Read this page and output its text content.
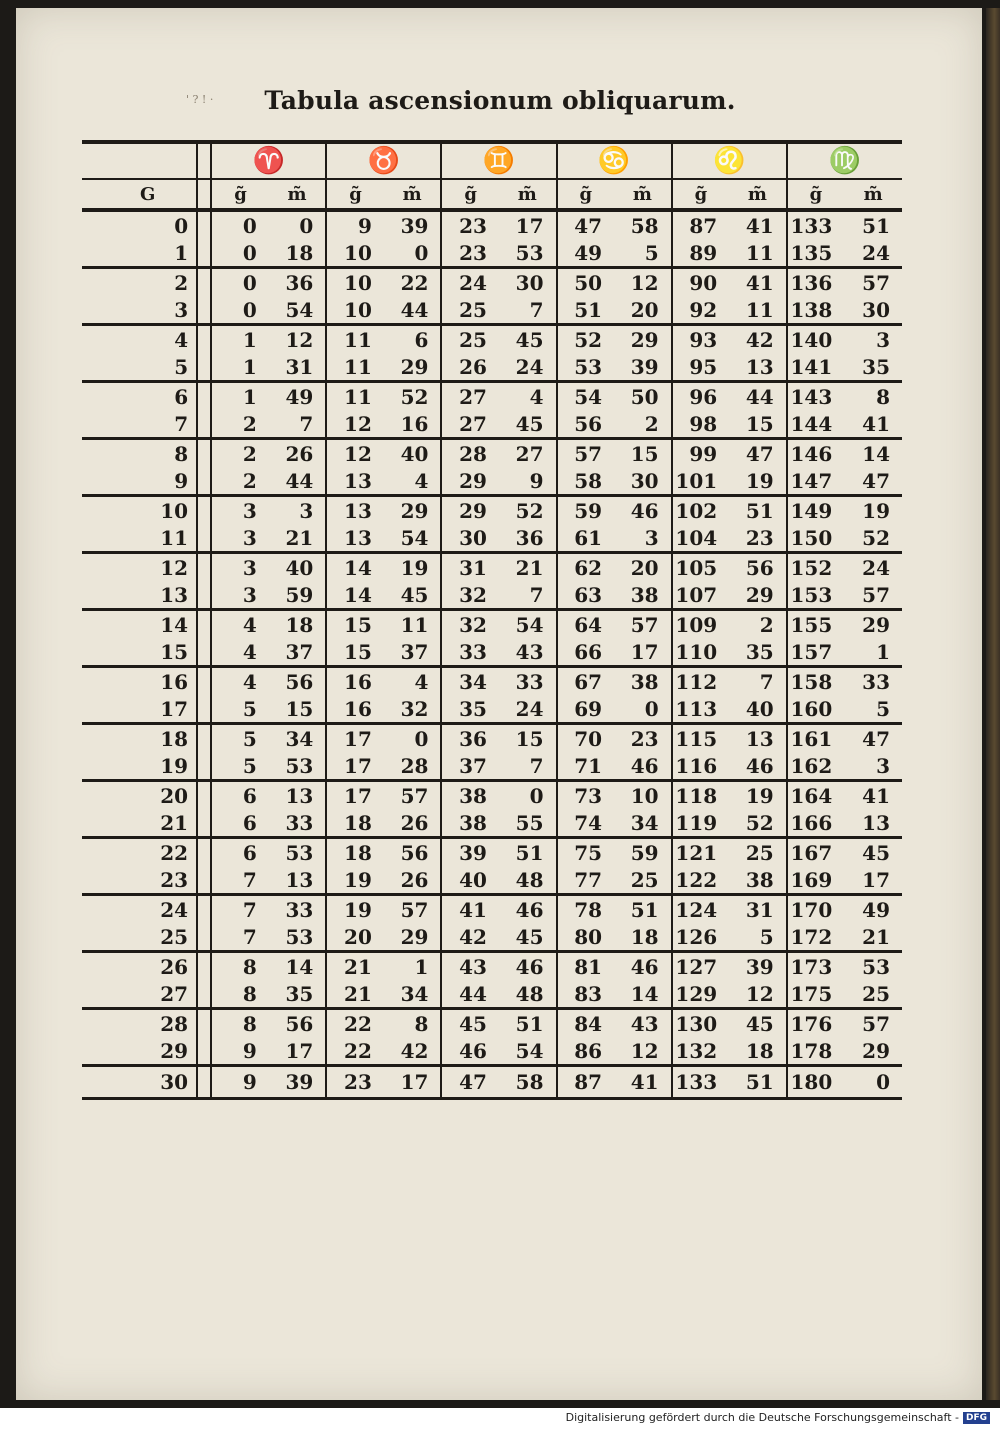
' ? ! ·	Tabula ascensionum obliquarum.
		♈		♉		♊		♋		♌		♍	
G		g̃	m̃	g̃	m̃	g̃	m̃	g̃	m̃	g̃	m̃	g̃	m̃
0		0	0	9	39	23	17	47	58	87	41	133	51
1		0	18	10	0	23	53	49	5	89	11	135	24
2		0	36	10	22	24	30	50	12	90	41	136	57
3		0	54	10	44	25	7	51	20	92	11	138	30
4		1	12	11	6	25	45	52	29	93	42	140	3
5		1	31	11	29	26	24	53	39	95	13	141	35
6		1	49	11	52	27	4	54	50	96	44	143	8
7		2	7	12	16	27	45	56	2	98	15	144	41
8		2	26	12	40	28	27	57	15	99	47	146	14
9		2	44	13	4	29	9	58	30	101	19	147	47
10		3	3	13	29	29	52	59	46	102	51	149	19
11		3	21	13	54	30	36	61	3	104	23	150	52
12		3	40	14	19	31	21	62	20	105	56	152	24
13		3	59	14	45	32	7	63	38	107	29	153	57
14		4	18	15	11	32	54	64	57	109	2	155	29
15		4	37	15	37	33	43	66	17	110	35	157	1
16		4	56	16	4	34	33	67	38	112	7	158	33
17		5	15	16	32	35	24	69	0	113	40	160	5
18		5	34	17	0	36	15	70	23	115	13	161	47
19		5	53	17	28	37	7	71	46	116	46	162	3
20		6	13	17	57	38	0	73	10	118	19	164	41
21		6	33	18	26	38	55	74	34	119	52	166	13
22		6	53	18	56	39	51	75	59	121	25	167	45
23		7	13	19	26	40	48	77	25	122	38	169	17
24		7	33	19	57	41	46	78	51	124	31	170	49
25		7	53	20	29	42	45	80	18	126	5	172	21
26		8	14	21	1	43	46	81	46	127	39	173	53
27		8	35	21	34	44	48	83	14	129	12	175	25
28		8	56	22	8	45	51	84	43	130	45	176	57
29		9	17	22	42	46	54	86	12	132	18	178	29
30		9	39	23	17	47	58	87	41	133	51	180	0
Digitalisierung gefördert durch die Deutsche Forschungsgemeinschaft - DFG
